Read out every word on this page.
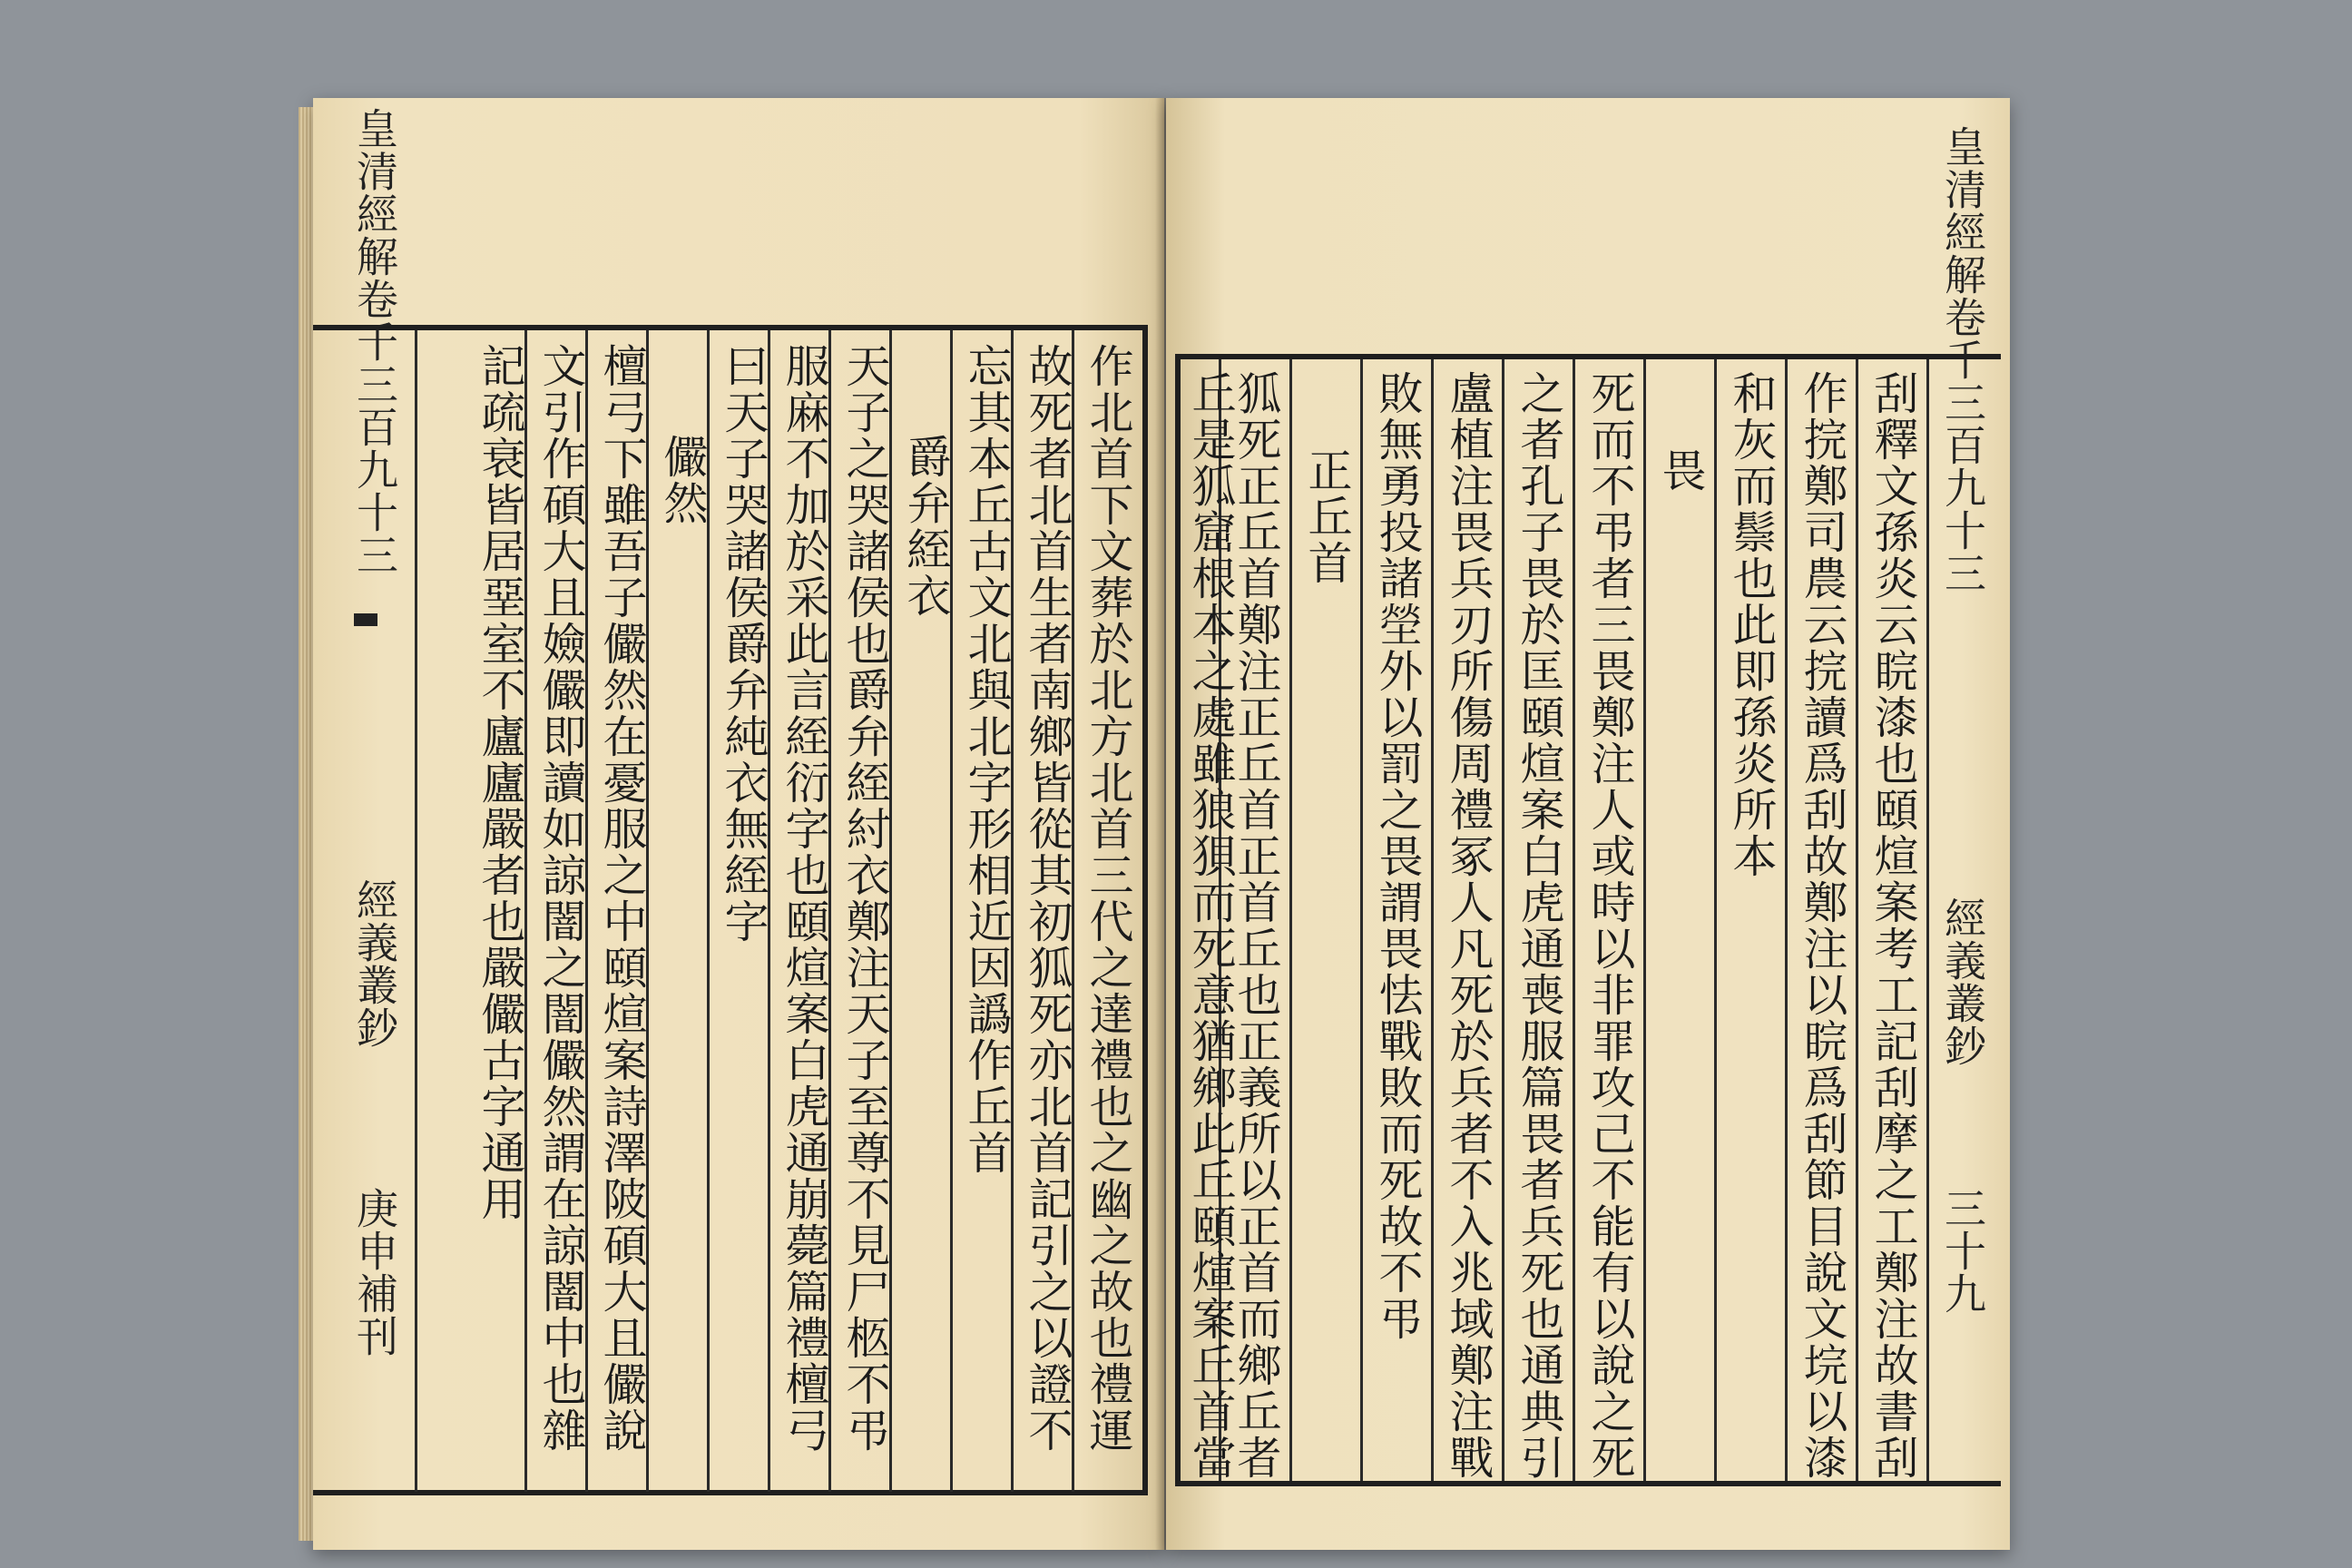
作北首下文葬於北方北首三代之達禮也之幽之故也禮運
故死者北首生者南鄉皆從其初狐死亦北首記引之以證不
忘其本丘古文北與北字形相近因譌作丘首
爵弁絰衣
天子之哭諸侯也爵弁絰紂衣鄭注天子至尊不見尸柩不弔
服麻不加於采此言絰衍字也頤煊案白虎通崩薨篇禮檀弓
曰天子哭諸侯爵弁純衣無絰字
儼然
檀弓下雖吾子儼然在憂服之中頤煊案詩澤陂碩大且儼說
文引作碩大且嬐儼即讀如諒闇之闇儼然謂在諒闇中也雜
記疏衰皆居堊室不廬廬嚴者也嚴儼古字通用
皇清經解卷千三百九十三
經義叢鈔
庚申補刊
皇清經解卷千三百九十三
經義叢鈔
三十九
刮釋文孫炎云睆漆也頤煊案考工記刮摩之工鄭注故書刮
作捖鄭司農云捖讀爲刮故鄭注以睆爲刮節目說文垸以漆
和灰而鬃也此即孫炎所本
畏
死而不弔者三畏鄭注人或時以非罪攻己不能有以說之死
之者孔子畏於匡頤煊案白虎通喪服篇畏者兵死也通典引
盧植注畏兵刃所傷周禮冢人凡死於兵者不入兆域鄭注戰
敗無勇投諸塋外以罰之畏謂畏怯戰敗而死故不弔
正丘首
狐死正丘首鄭注正丘首正首丘也正義所以正首而鄉丘者
丘是狐窟根本之處雖狼狽而死意猶鄉此丘頤煊案丘首當
